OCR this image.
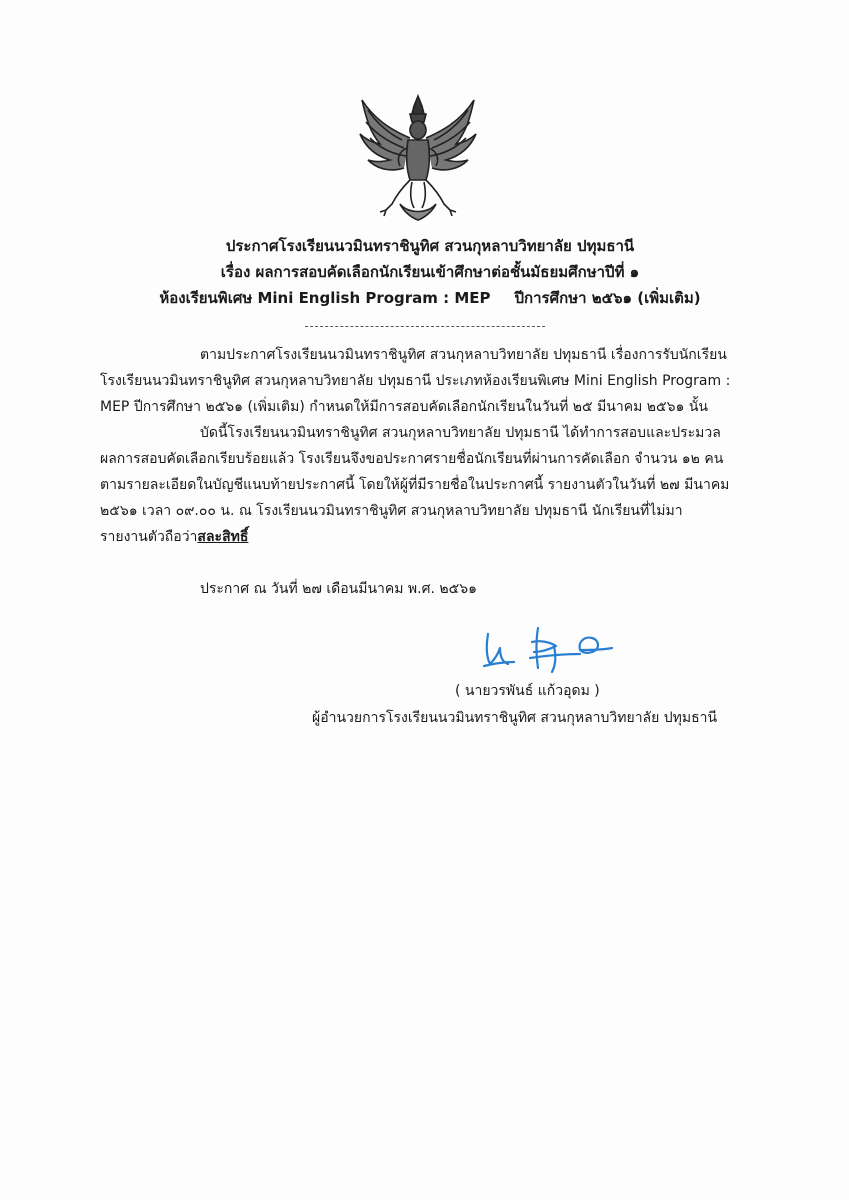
ประกาศโรงเรียนนวมินทราชินูทิศ สวนกุหลาบวิทยาลัย ปทุมธานี
เรื่อง ผลการสอบคัดเลือกนักเรียนเข้าศึกษาต่อชั้นมัธยมศึกษาปีที่ ๑
ห้องเรียนพิเศษ Mini English Program : MEP ปีการศึกษา ๒๕๖๑ (เพิ่มเติม)
ตามประกาศโรงเรียนนวมินทราชินูทิศ สวนกุหลาบวิทยาลัย ปทุมธานี เรื่องการรับนักเรียน
โรงเรียนนวมินทราชินูทิศ สวนกุหลาบวิทยาลัย ปทุมธานี ประเภทห้องเรียนพิเศษ Mini English Program :
MEP ปีการศึกษา ๒๕๖๑ (เพิ่มเติม) กำหนดให้มีการสอบคัดเลือกนักเรียนในวันที่ ๒๕ มีนาคม ๒๕๖๑ นั้น
บัดนี้โรงเรียนนวมินทราชินูทิศ สวนกุหลาบวิทยาลัย ปทุมธานี ได้ทำการสอบและประมวล
ผลการสอบคัดเลือกเรียบร้อยแล้ว โรงเรียนจึงขอประกาศรายชื่อนักเรียนที่ผ่านการคัดเลือก จำนวน ๑๒ คน
ตามรายละเอียดในบัญชีแนบท้ายประกาศนี้ โดยให้ผู้ที่มีรายชื่อในประกาศนี้ รายงานตัวในวันที่ ๒๗ มีนาคม
๒๕๖๑ เวลา ๐๙.๐๐ น. ณ โรงเรียนนวมินทราชินูทิศ สวนกุหลาบวิทยาลัย ปทุมธานี นักเรียนที่ไม่มา
รายงานตัวถือว่าสละสิทธิ์
ประกาศ ณ วันที่ ๒๗ เดือนมีนาคม พ.ศ. ๒๕๖๑
( นายวรพันธ์ แก้วอุดม )
ผู้อำนวยการโรงเรียนนวมินทราชินูทิศ สวนกุหลาบวิทยาลัย ปทุมธานี
